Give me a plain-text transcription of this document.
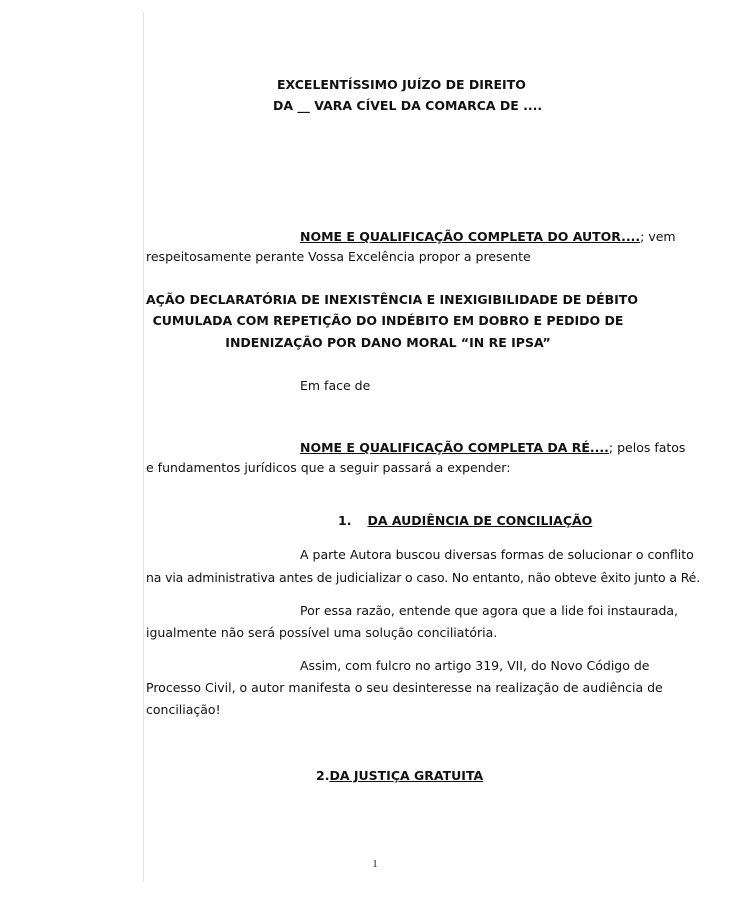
EXCELENTÍSSIMO JUÍZO DE DIREITO
DA __ VARA CÍVEL DA COMARCA DE ....
NOME E QUALIFICAÇÃO COMPLETA DO AUTOR....; vem
respeitosamente perante Vossa Excelência propor a presente
AÇÃO DECLARATÓRIA DE INEXISTÊNCIA E INEXIGIBILIDADE DE DÉBITO
CUMULADA COM REPETIÇÃO DO INDÉBITO EM DOBRO E PEDIDO DE
INDENIZAÇÃO POR DANO MORAL “IN RE IPSA”
Em face de
NOME E QUALIFICAÇÃO COMPLETA DA RÉ....; pelos fatos
e fundamentos jurídicos que a seguir passará a expender:
1. DA AUDIÊNCIA DE CONCILIAÇÃO
A parte Autora buscou diversas formas de solucionar o conflito
na via administrativa antes de judicializar o caso. No entanto, não obteve êxito junto a Ré.
Por essa razão, entende que agora que a lide foi instaurada,
igualmente não será possível uma solução conciliatória.
Assim, com fulcro no artigo 319, VII, do Novo Código de
Processo Civil, o autor manifesta o seu desinteresse na realização de audiência de
conciliação!
2.DA JUSTIÇA GRATUITA
1
